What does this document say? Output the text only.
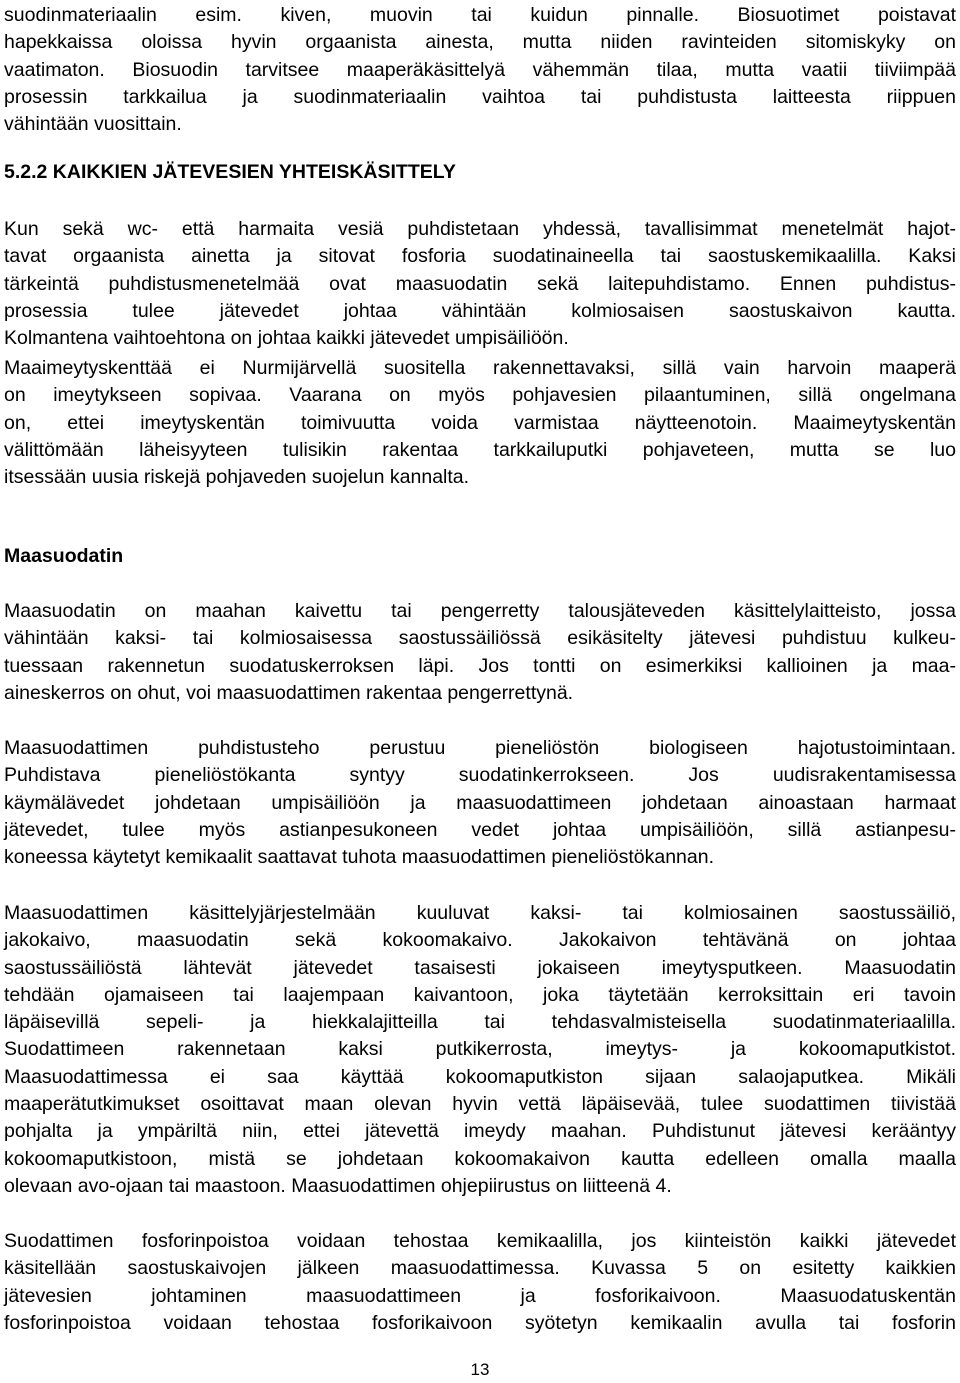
suodinmateriaalin esim. kiven, muovin tai kuidun pinnalle. Biosuotimet poistavat
hapekkaissa oloissa hyvin orgaanista ainesta, mutta niiden ravinteiden sitomiskyky on
vaatimaton. Biosuodin tarvitsee maaperäkäsittelyä vähemmän tilaa, mutta vaatii tiiviimpää
prosessin tarkkailua ja suodinmateriaalin vaihtoa tai puhdistusta laitteesta riippuen
vähintään vuosittain.
5.2.2 KAIKKIEN JÄTEVESIEN YHTEISKÄSITTELY
Kun sekä wc- että harmaita vesiä puhdistetaan yhdessä, tavallisimmat menetelmät hajot-
tavat orgaanista ainetta ja sitovat fosforia suodatinaineella tai saostuskemikaalilla. Kaksi
tärkeintä puhdistusmenetelmää ovat maasuodatin sekä laitepuhdistamo. Ennen puhdistus-
prosessia tulee jätevedet johtaa vähintään kolmiosaisen saostuskaivon kautta.
Kolmantena vaihtoehtona on johtaa kaikki jätevedet umpisäiliöön.
Maaimeytyskenttää ei Nurmijärvellä suositella rakennettavaksi, sillä vain harvoin maaperä
on imeytykseen sopivaa. Vaarana on myös pohjavesien pilaantuminen, sillä ongelmana
on, ettei imeytyskentän toimivuutta voida varmistaa näytteenotoin. Maaimeytyskentän
välittömään läheisyyteen tulisikin rakentaa tarkkailuputki pohjaveteen, mutta se luo
itsessään uusia riskejä pohjaveden suojelun kannalta.
Maasuodatin
Maasuodatin on maahan kaivettu tai pengerretty talousjäteveden käsittelylaitteisto, jossa
vähintään kaksi- tai kolmiosaisessa saostussäiliössä esikäsitelty jätevesi puhdistuu kulkeu-
tuessaan rakennetun suodatuskerroksen läpi. Jos tontti on esimerkiksi kallioinen ja maa-
aineskerros on ohut, voi maasuodattimen rakentaa pengerrettynä.
Maasuodattimen puhdistusteho perustuu pieneliöstön biologiseen hajotustoimintaan.
Puhdistava pieneliöstökanta syntyy suodatinkerrokseen. Jos uudisrakentamisessa
käymälävedet johdetaan umpisäiliöön ja maasuodattimeen johdetaan ainoastaan harmaat
jätevedet, tulee myös astianpesukoneen vedet johtaa umpisäiliöön, sillä astianpesu-
koneessa käytetyt kemikaalit saattavat tuhota maasuodattimen pieneliöstökannan.
Maasuodattimen käsittelyjärjestelmään kuuluvat kaksi- tai kolmiosainen saostussäiliö,
jakokaivo, maasuodatin sekä kokoomakaivo. Jakokaivon tehtävänä on johtaa
saostussäiliöstä lähtevät jätevedet tasaisesti jokaiseen imeytysputkeen. Maasuodatin
tehdään ojamaiseen tai laajempaan kaivantoon, joka täytetään kerroksittain eri tavoin
läpäisevillä sepeli- ja hiekkalajitteilla tai tehdasvalmisteisella suodatinmateriaalilla.
Suodattimeen rakennetaan kaksi putkikerrosta, imeytys- ja kokoomaputkistot.
Maasuodattimessa ei saa käyttää kokoomaputkiston sijaan salaojaputkea. Mikäli
maaperätutkimukset osoittavat maan olevan hyvin vettä läpäisevää, tulee suodattimen tiivistää
pohjalta ja ympäriltä niin, ettei jätevettä imeydy maahan. Puhdistunut jätevesi kerääntyy
kokoomaputkistoon, mistä se johdetaan kokoomakaivon kautta edelleen omalla maalla
olevaan avo-ojaan tai maastoon. Maasuodattimen ohjepiirustus on liitteenä 4.
Suodattimen fosforinpoistoa voidaan tehostaa kemikaalilla, jos kiinteistön kaikki jätevedet
käsitellään saostuskaivojen jälkeen maasuodattimessa. Kuvassa 5 on esitetty kaikkien
jätevesien johtaminen maasuodattimeen ja fosforikaivoon. Maasuodatuskentän
fosforinpoistoa voidaan tehostaa fosforikaivoon syötetyn kemikaalin avulla tai fosforin
13
